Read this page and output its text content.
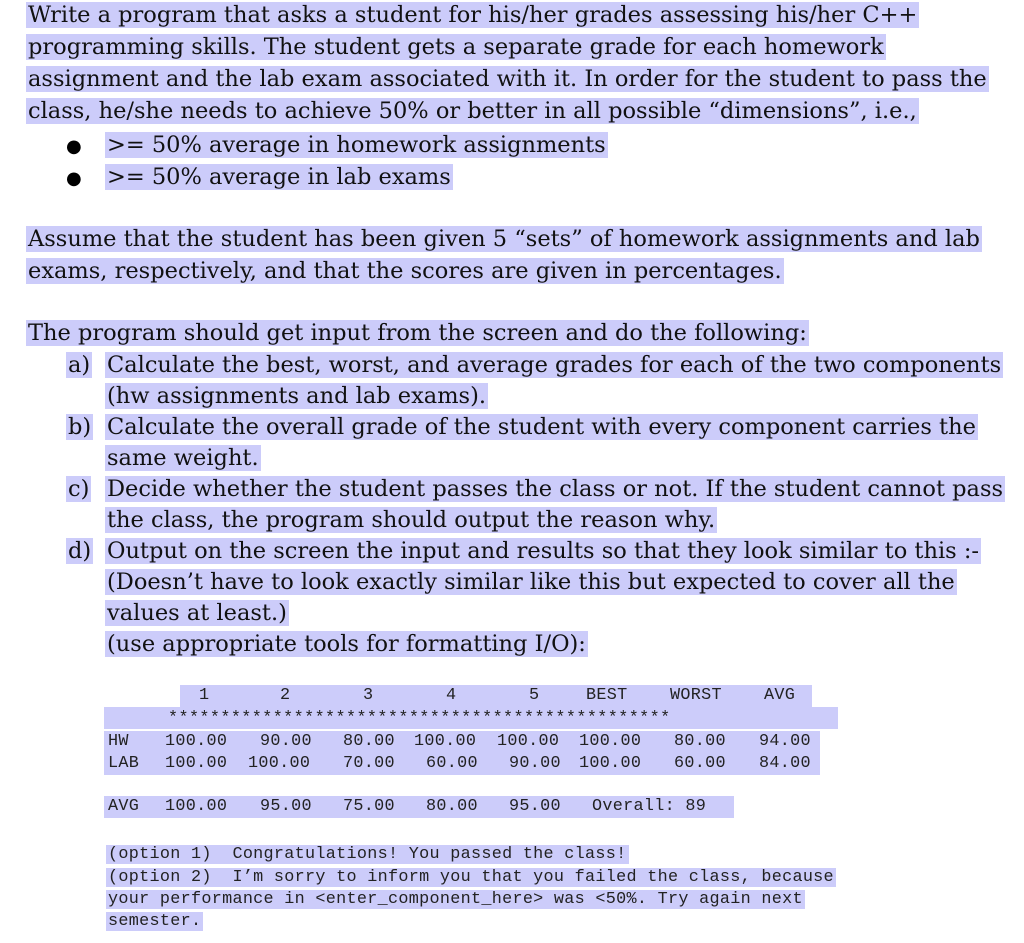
Write a program that asks a student for his/her grades assessing his/her C++
programming skills. The student gets a separate grade for each homework
assignment and the lab exam associated with it. In order for the student to pass the
class, he/she needs to achieve 50% or better in all possible “dimensions”, i.e.,
● >= 50% average in homework assignments
● >= 50% average in lab exams
Assume that the student has been given 5 “sets” of homework assignments and lab
exams, respectively, and that the scores are given in percentages.
The program should get input from the screen and do the following:
a) Calculate the best, worst, and average grades for each of the two components
(hw assignments and lab exams).
b) Calculate the overall grade of the student with every component carries the
same weight.
c) Decide whether the student passes the class or not. If the student cannot pass
the class, the program should output the reason why.
d) Output on the screen the input and results so that they look similar to this :-
(Doesn’t have to look exactly similar like this but expected to cover all the
values at least.)
(use appropriate tools for formatting I/O):
1	2	3	4	5	BEST	WORST	AVG
************************************************
HW 100.00 90.00 80.00 100.00 100.00 100.00 80.00 94.00
LAB 100.00 100.00 70.00 60.00 90.00 100.00 60.00 84.00
AVG 100.00 95.00 75.00 80.00 95.00 Overall: 89
(option 1)  Congratulations! You passed the class!
(option 2)  I’m sorry to inform you that you failed the class, because
your performance in <enter_component_here> was <50%. Try again next
semester.
